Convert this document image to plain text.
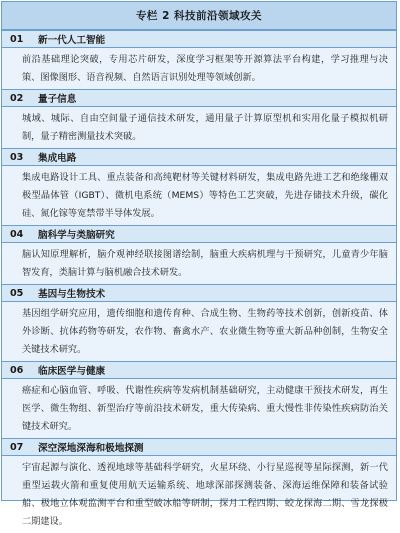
专栏 2 科技前沿领域攻关
01	新一代人工智能
前沿基础理论突破，专用芯片研发，深度学习框架等开源算法平台构建，学习推理与决策、图像图形、语音视频、自然语言识别处理等领域创新。
02	量子信息
城域、城际、自由空间量子通信技术研发，通用量子计算原型机和实用化量子模拟机研制，量子精密测量技术突破。
03	集成电路
集成电路设计工具、重点装备和高纯靶材等关键材料研发，集成电路先进工艺和绝缘栅双极型晶体管（IGBT）、微机电系统（MEMS）等特色工艺突破，先进存储技术升级，碳化硅、氮化镓等宽禁带半导体发展。
04	脑科学与类脑研究
脑认知原理解析，脑介观神经联接图谱绘制，脑重大疾病机理与干预研究，儿童青少年脑智发育，类脑计算与脑机融合技术研发。
05	基因与生物技术
基因组学研究应用，遗传细胞和遗传育种、合成生物、生物药等技术创新，创新疫苗、体外诊断、抗体药物等研发，农作物、畜禽水产、农业微生物等重大新品种创制，生物安全关键技术研究。
06	临床医学与健康
癌症和心脑血管、呼吸、代谢性疾病等发病机制基础研究，主动健康干预技术研发，再生医学、微生物组、新型治疗等前沿技术研发，重大传染病、重大慢性非传染性疾病防治关键技术研究。
07	深空深地深海和极地探测
宇宙起源与演化、透视地球等基础科学研究，火星环绕、小行星巡视等星际探测，新一代重型运载火箭和重复使用航天运输系统、地球深部探测装备、深海运维保障和装备试验船、极地立体观监测平台和重型破冰船等研制，探月工程四期、蛟龙探海二期、雪龙探极二期建设。
